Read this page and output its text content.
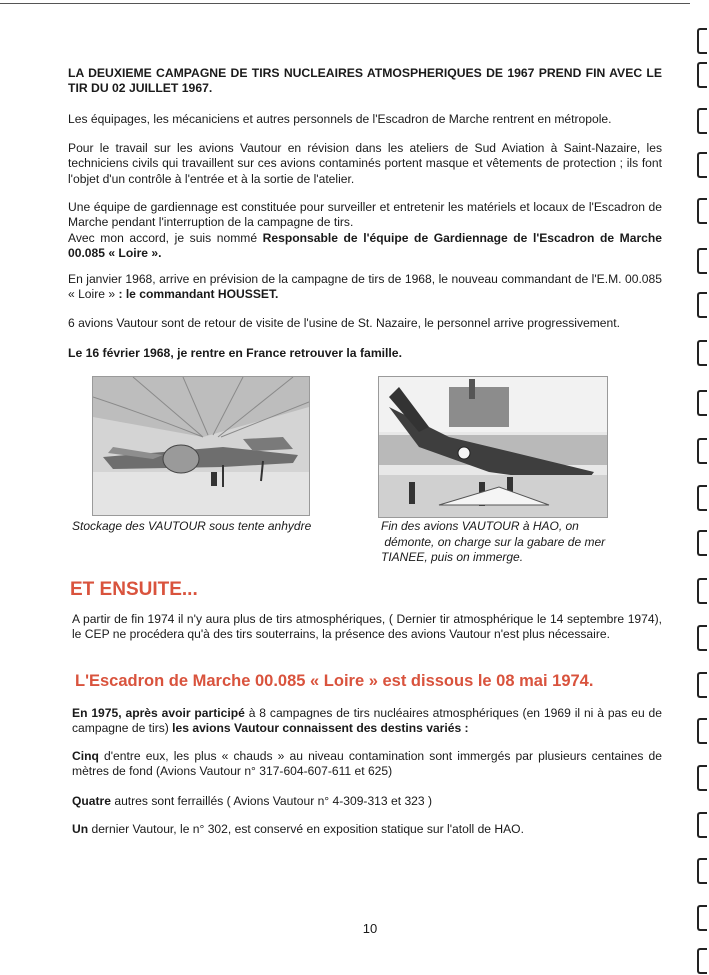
LA DEUXIEME CAMPAGNE DE TIRS NUCLEAIRES ATMOSPHERIQUES DE 1967 PREND FIN AVEC LE TIR DU 02 JUILLET 1967.

Les équipages, les mécaniciens et autres personnels de l'Escadron de Marche rentrent en métropole.

Pour le travail sur les avions Vautour en révision dans les ateliers de Sud Aviation à Saint-Nazaire, les techniciens civils qui travaillent sur ces avions contaminés portent masque et vêtements de protection ; ils font l'objet d'un contrôle à l'entrée et à la sortie de l'atelier.

Une équipe de gardiennage est constituée pour surveiller et entretenir les matériels et locaux de l'Escadron de Marche pendant l'interruption de la campagne de tirs.
Avec mon accord, je suis nommé Responsable de l'équipe de Gardiennage de l'Escadron de Marche 00.085 « Loire ».

En janvier 1968, arrive en prévision de la campagne de tirs de 1968, le nouveau commandant de l'E.M. 00.085 « Loire » : le commandant HOUSSET.

6 avions Vautour sont de retour de visite de l'usine de St. Nazaire, le personnel arrive progressivement.

Le 16 février 1968, je rentre en France retrouver la famille.

Stockage des VAUTOUR sous tente anhydre	Fin des avions VAUTOUR à HAO, on
démonte, on charge sur la gabare de mer
TIANEE, puis on immerge.

ET ENSUITE...

A partir de fin 1974 il n'y aura plus de tirs atmosphériques, ( Dernier tir atmosphérique le 14 septembre 1974), le CEP ne procédera qu'à des tirs souterrains, la présence des avions Vautour n'est plus nécessaire.

L'Escadron de Marche 00.085 « Loire » est dissous le 08 mai 1974.

En 1975, après avoir participé à 8 campagnes de tirs nucléaires atmosphériques (en 1969 il ni à pas eu de campagne de tirs) les avions Vautour connaissent des destins variés :

Cinq d'entre eux, les plus « chauds » au niveau contamination sont immergés par plusieurs centaines de mètres de fond (Avions Vautour n° 317-604-607-611 et 625)

Quatre autres sont ferraillés ( Avions Vautour n° 4-309-313 et 323 )

Un dernier Vautour, le n° 302, est conservé en exposition statique sur l'atoll de HAO.

10
